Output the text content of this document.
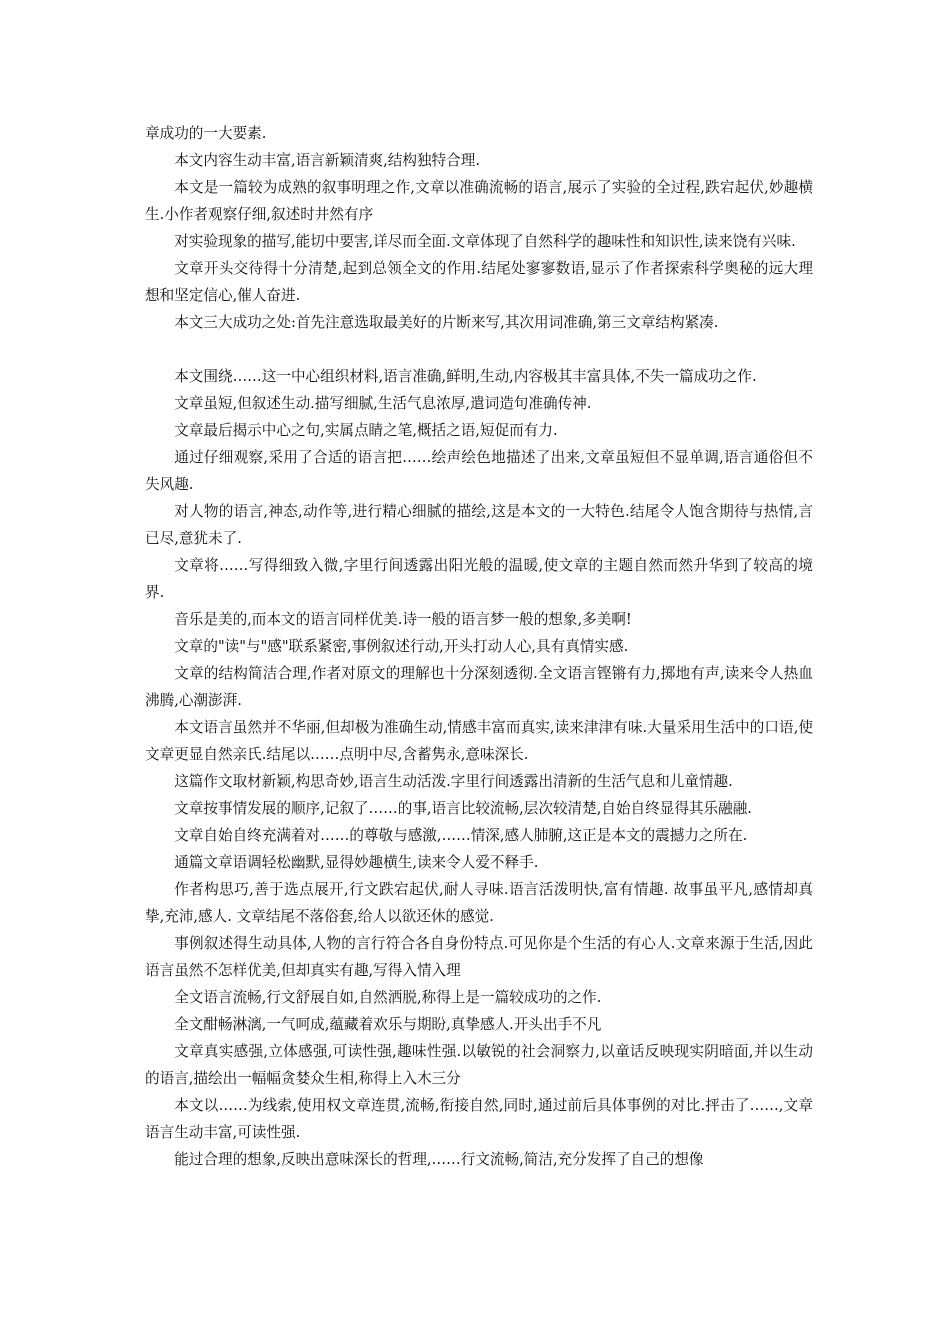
章成功的一大要素.

本文内容生动丰富,语言新颖清爽,结构独特合理.

本文是一篇较为成熟的叙事明理之作,文章以准确流畅的语言,展示了实验的全过程,跌宕起伏,妙趣横生.小作者观察仔细,叙述时井然有序

对实验现象的描写,能切中要害,详尽而全面.文章体现了自然科学的趣味性和知识性,读来饶有兴味.

文章开头交待得十分清楚,起到总领全文的作用.结尾处寥寥数语,显示了作者探索科学奥秘的远大理想和坚定信心,催人奋进.

本文三大成功之处:首先注意选取最美好的片断来写,其次用词准确,第三文章结构紧凑.

本文围绕……这一中心组织材料,语言准确,鲜明,生动,内容极其丰富具体,不失一篇成功之作.

文章虽短,但叙述生动.描写细腻,生活气息浓厚,遣词造句准确传神.

文章最后揭示中心之句,实属点睛之笔,概括之语,短促而有力.

通过仔细观察,采用了合适的语言把……绘声绘色地描述了出来,文章虽短但不显单调,语言通俗但不失风趣.

对人物的语言,神态,动作等,进行精心细腻的描绘,这是本文的一大特色.结尾令人饱含期待与热情,言已尽,意犹未了.

文章将……写得细致入微,字里行间透露出阳光般的温暖,使文章的主题自然而然升华到了较高的境界.

音乐是美的,而本文的语言同样优美.诗一般的语言梦一般的想象,多美啊!

文章的"读"与"感"联系紧密,事例叙述行动,开头打动人心,具有真情实感.

文章的结构简洁合理,作者对原文的理解也十分深刻透彻.全文语言铿锵有力,掷地有声,读来令人热血沸腾,心潮澎湃.

本文语言虽然并不华丽,但却极为准确生动,情感丰富而真实,读来津津有味.大量采用生活中的口语,使文章更显自然亲氏.结尾以……点明中尽,含蓄隽永,意味深长.

这篇作文取材新颖,构思奇妙,语言生动活泼.字里行间透露出清新的生活气息和儿童情趣.

文章按事情发展的顺序,记叙了……的事,语言比较流畅,层次较清楚,自始自终显得其乐融融.

文章自始自终充满着对……的尊敬与感激,……情深,感人肺腑,这正是本文的震撼力之所在.

通篇文章语调轻松幽默,显得妙趣横生,读来令人爱不释手.

作者构思巧,善于选点展开,行文跌宕起伏,耐人寻味.语言活泼明快,富有情趣. 故事虽平凡,感情却真挚,充沛,感人. 文章结尾不落俗套,给人以欲还休的感觉.

事例叙述得生动具体,人物的言行符合各自身份特点.可见你是个生活的有心人.文章来源于生活,因此语言虽然不怎样优美,但却真实有趣,写得入情入理

全文语言流畅,行文舒展自如,自然洒脱,称得上是一篇较成功的之作.

全文酣畅淋漓,一气呵成,蕴藏着欢乐与期盼,真挚感人.开头出手不凡

文章真实感强,立体感强,可读性强,趣味性强.以敏锐的社会洞察力,以童话反映现实阴暗面,并以生动的语言,描绘出一幅幅贪婪众生相,称得上入木三分

本文以……为线索,使用权文章连贯,流畅,衔接自然,同时,通过前后具体事例的对比.抨击了……,文章语言生动丰富,可读性强.

能过合理的想象,反映出意味深长的哲理,……行文流畅,简洁,充分发挥了自己的想像
